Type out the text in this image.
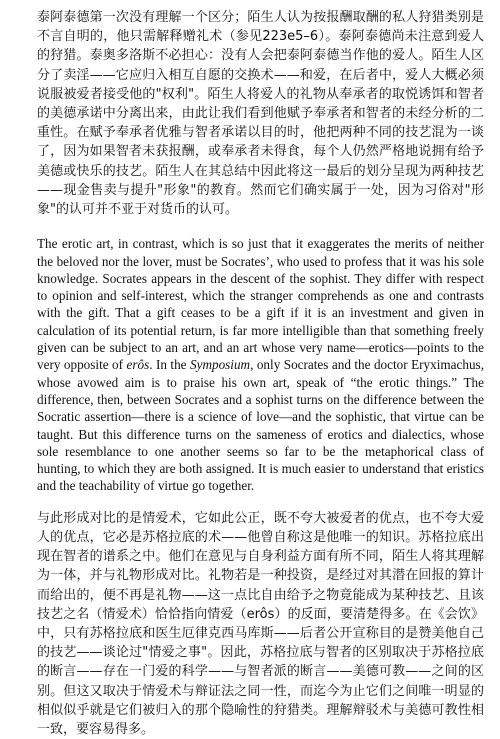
泰阿泰德第一次没有理解一个区分；陌生人认为按报酬取酬的私人狩猎类别是不言自明的，他只需解释赠礼术（参见223e5–6）。泰阿泰德尚未注意到爱人的狩猎。泰奥多洛斯不必担心：没有人会把泰阿泰德当作他的爱人。陌生人区分了卖淫——它应归入相互自愿的交换术——和爱，在后者中，爱人大概必须说服被爱者接受他的"权利"。陌生人将爱人的礼物从奉承者的取悦诱饵和智者的美德承诺中分离出来，由此让我们看到他赋予奉承者和智者的未经分析的二重性。在赋予奉承者优雅与智者承诺以目的时，他把两种不同的技艺混为一谈了，因为如果智者未获报酬，或奉承者未得食，每个人仍然严格地说拥有给予美德或快乐的技艺。陌生人在其总结中因此将这一最后的划分呈现为两种技艺——现金售卖与提升"形象"的教育。然而它们确实属于一处，因为习俗对"形象"的认可并不亚于对货币的认可。

The erotic art, in contrast, which is so just that it exaggerates the merits of neither the beloved nor the lover, must be Socrates’, who used to profess that it was his sole knowledge. Socrates appears in the descent of the sophist. They differ with respect to opinion and self-interest, which the stranger comprehends as one and contrasts with the gift. That a gift ceases to be a gift if it is an investment and given in calculation of its potential return, is far more intelligible than that something freely given can be subject to an art, and an art whose very name—erotics—points to the very opposite of erôs. In the Symposium, only Socrates and the doctor Eryximachus, whose avowed aim is to praise his own art, speak of “the erotic things.” The difference, then, between Socrates and a sophist turns on the difference between the Socratic assertion—there is a science of love—and the sophistic, that virtue can be taught. But this difference turns on the sameness of erotics and dialectics, whose sole resemblance to one another seems so far to be the metaphorical class of hunting, to which they are both assigned. It is much easier to understand that eristics and the teachability of virtue go together.

与此形成对比的是情爱术，它如此公正，既不夸大被爱者的优点，也不夸大爱人的优点，它必是苏格拉底的术——他曾自称这是他唯一的知识。苏格拉底出现在智者的谱系之中。他们在意见与自身利益方面有所不同，陌生人将其理解为一体，并与礼物形成对比。礼物若是一种投资，是经过对其潜在回报的算计而给出的，便不再是礼物——这一点比自由给予之物竟能成为某种技艺、且该技艺之名（情爱术）恰恰指向情爱（erôs）的反面，要清楚得多。在《会饮》中，只有苏格拉底和医生厄律克西马库斯——后者公开宣称目的是赞美他自己的技艺——谈论过"情爱之事"。因此，苏格拉底与智者的区别取决于苏格拉底的断言——存在一门爱的科学——与智者派的断言——美德可教——之间的区别。但这又取决于情爱术与辩证法之同一性，而迄今为止它们之间唯一明显的相似似乎就是它们被归入的那个隐喻性的狩猎类。理解辩驳术与美德可教性相一致，要容易得多。
